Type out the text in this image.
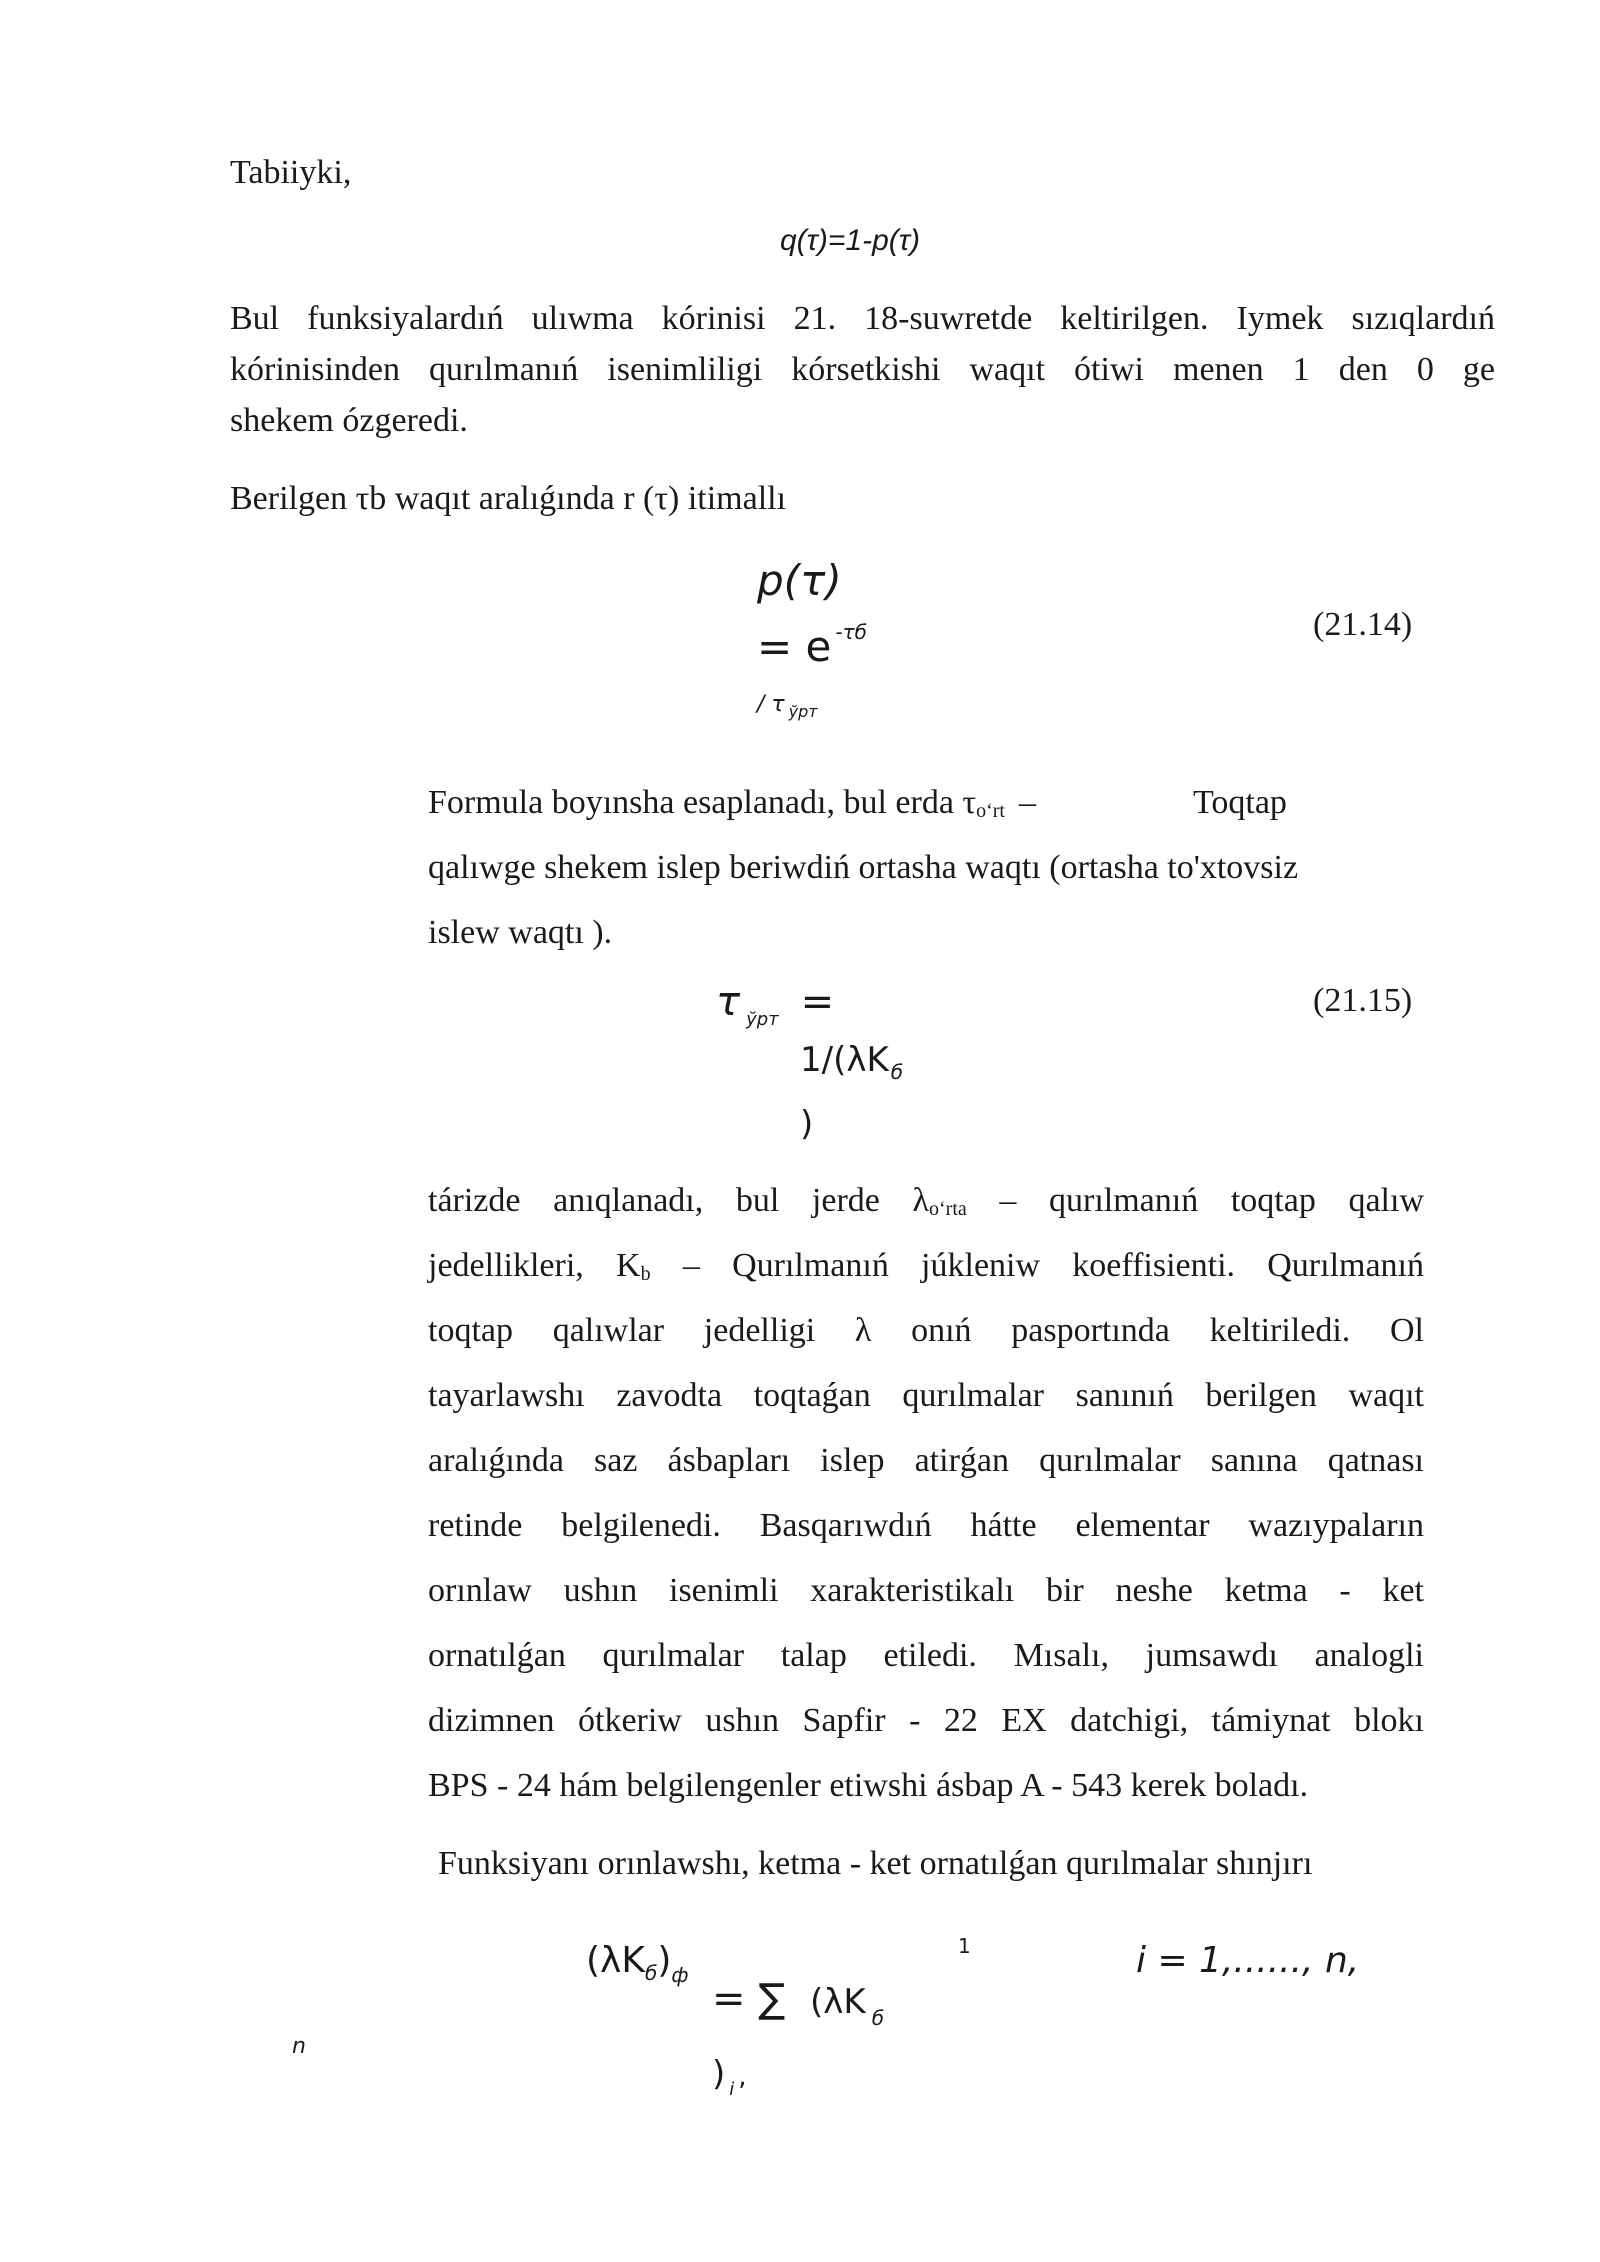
Tabiiyki,
q(τ)=1-p(τ)
Bul funksiyalardıń ulıwma kórinisi 21. 18-suwretde keltirilgen. Iymek sızıqlardıń
kórinisinden qurılmanıń isenimliligi kórsetkishi waqıt ótiwi menen 1 den 0 ge
shekem ózgeredi.
Berilgen τb waqıt aralıǵında r (τ) itimallı
p(τ)
= e $^{-\tau б}$
/ τ $_{ўрт}$
(21.14)
Formula boyınsha esaplanadı, bul erda $\tau_{o‘rt}$ –	Toqtap
qalıwge shekem islep beriwdiń ortasha waqtı (ortasha to'xtovsiz
islew waqtı ).
τ $_{ўрт}$ =
1/(λK $_б$
)
(21.15)
tárizde anıqlanadı, bul jerde $\lambda_{o‘rta}$ – qurılmanıń toqtap qalıw
jedellikleri, $K_b$ – Qurılmanıń júkleniw koeffisienti. Qurılmanıń
toqtap qalıwlar jedelligi λ onıń pasportında keltiriledi. Ol
tayarlawshı zavodta toqtaǵan qurılmalar sanınıń berilgen waqıt
aralıǵında saz ásbapları islep atirǵan qurılmalar sanına qatnası
retinde belgilenedi. Basqarıwdıń hátte elementar wazıypaların
orınlaw ushın isenimli xarakteristikalı bir neshe ketma - ket
ornatılǵan qurılmalar talap etiledi. Mısalı, jumsawdı analogli
dizimnen ótkeriw ushın Sapfir - 22 EX datchigi, támiynat blokı
BPS - 24 hám belgilengenler etiwshi ásbap A - 543 kerek boladı.
Funksiyanı orınlawshı, ketma - ket ornatılǵan qurılmalar shınjırı
$(\lambda K_б)_ф$
= ∑ (λK $_б$
) $_i$ ,
1	i = 1,......, n,
n
